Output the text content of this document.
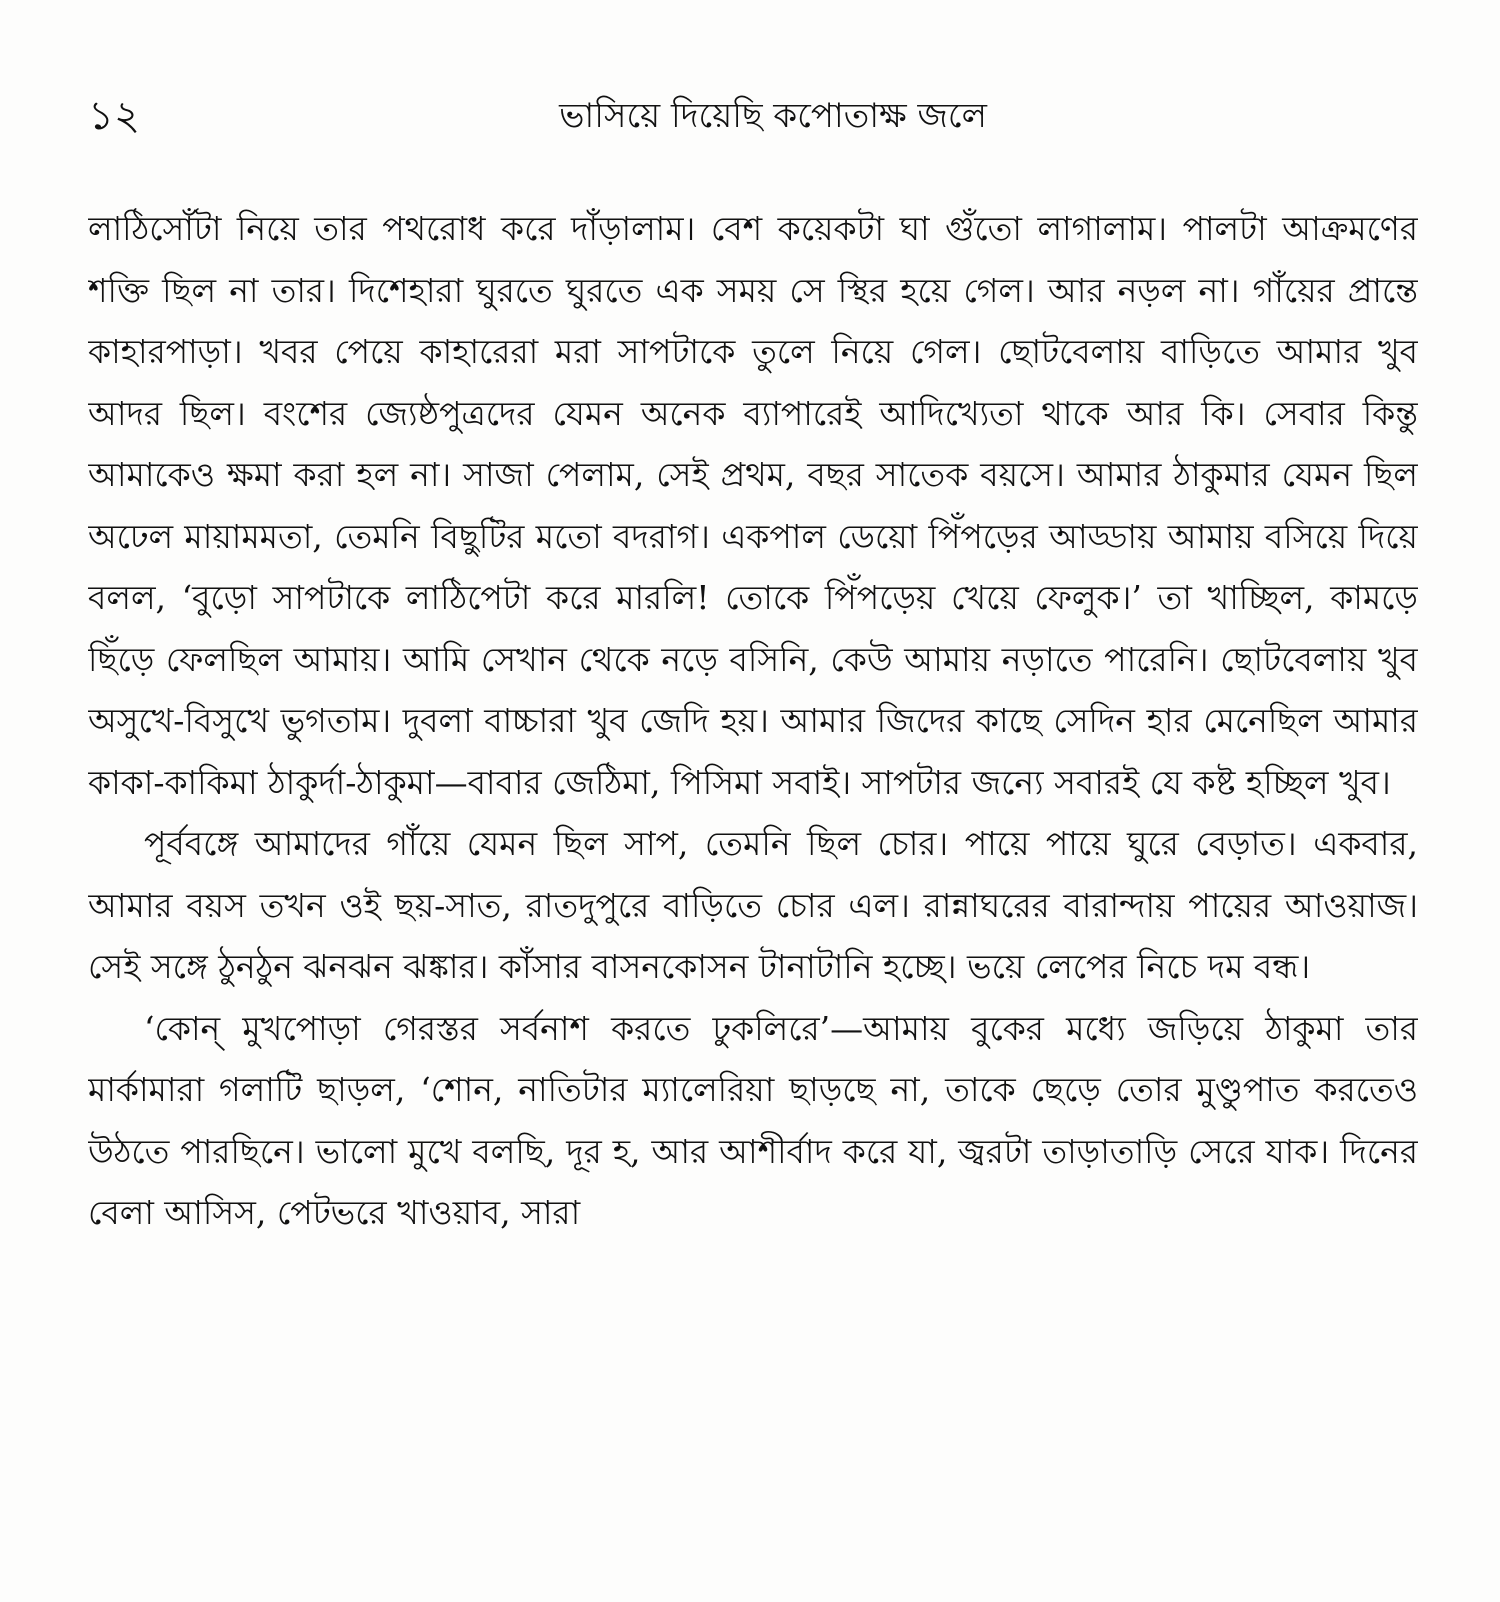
১২	ভাসিয়ে দিয়েছি কপোতাক্ষ জলে

লাঠিসোঁটা নিয়ে তার পথরোধ করে দাঁড়ালাম। বেশ কয়েকটা ঘা গুঁতো লাগালাম। পালটা আক্রমণের শক্তি ছিল না তার। দিশেহারা ঘুরতে ঘুরতে এক সময় সে স্থির হয়ে গেল। আর নড়ল না। গাঁয়ের প্রান্তে কাহারপাড়া। খবর পেয়ে কাহারেরা মরা সাপটাকে তুলে নিয়ে গেল। ছোটবেলায় বাড়িতে আমার খুব আদর ছিল। বংশের জ্যেষ্ঠপুত্রদের যেমন অনেক ব্যাপারেই আদিখ্যেতা থাকে আর কি। সেবার কিন্তু আমাকেও ক্ষমা করা হল না। সাজা পেলাম, সেই প্রথম, বছর সাতেক বয়সে। আমার ঠাকুমার যেমন ছিল অঢেল মায়ামমতা, তেমনি বিছুটির মতো বদরাগ। একপাল ডেয়ো পিঁপড়ের আড্ডায় আমায় বসিয়ে দিয়ে বলল, ‘বুড়ো সাপটাকে লাঠিপেটা করে মারলি! তোকে পিঁপড়েয় খেয়ে ফেলুক।’ তা খাচ্ছিল, কামড়ে ছিঁড়ে ফেলছিল আমায়। আমি সেখান থেকে নড়ে বসিনি, কেউ আমায় নড়াতে পারেনি। ছোটবেলায় খুব অসুখে-বিসুখে ভুগতাম। দুবলা বাচ্চারা খুব জেদি হয়। আমার জিদের কাছে সেদিন হার মেনেছিল আমার কাকা-কাকিমা ঠাকুর্দা-ঠাকুমা—বাবার জেঠিমা, পিসিমা সবাই। সাপটার জন্যে সবারই যে কষ্ট হচ্ছিল খুব।

পূর্ববঙ্গে আমাদের গাঁয়ে যেমন ছিল সাপ, তেমনি ছিল চোর। পায়ে পায়ে ঘুরে বেড়াত। একবার, আমার বয়স তখন ওই ছয়-সাত, রাতদুপুরে বাড়িতে চোর এল। রান্নাঘরের বারান্দায় পায়ের আওয়াজ। সেই সঙ্গে ঠুনঠুন ঝনঝন ঝঙ্কার। কাঁসার বাসনকোসন টানাটানি হচ্ছে। ভয়ে লেপের নিচে দম বন্ধ।

‘কোন্ মুখপোড়া গেরস্তর সর্বনাশ করতে ঢুকলিরে’—আমায় বুকের মধ্যে জড়িয়ে ঠাকুমা তার মার্কামারা গলাটি ছাড়ল, ‘শোন, নাতিটার ম্যালেরিয়া ছাড়ছে না, তাকে ছেড়ে তোর মুণ্ডুপাত করতেও উঠতে পারছিনে। ভালো মুখে বলছি, দূর হ, আর আশীর্বাদ করে যা, জ্বরটা তাড়াতাড়ি সেরে যাক। দিনের বেলা আসিস, পেটভরে খাওয়াব, সারা
